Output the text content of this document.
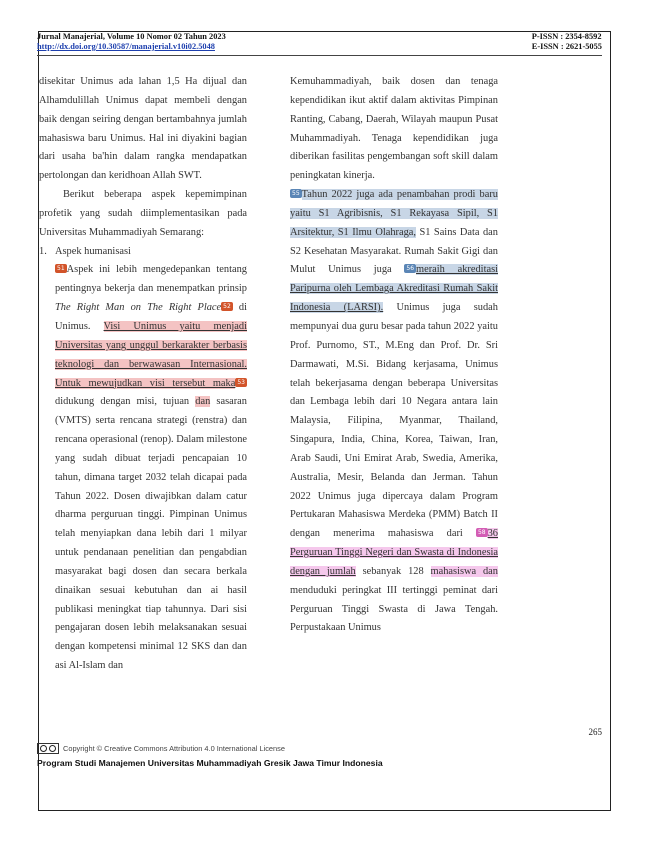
Jurnal Manajerial, Volume 10 Nomor 02 Tahun 2023
http://dx.doi.org/10.30587/manajerial.v10i02.5048
P-ISSN : 2354-8592
E-ISSN : 2621-5055

disekitar Unimus ada lahan 1,5 Ha dijual dan Alhamdulillah Unimus dapat membeli dengan baik dengan seiring dengan bertambahnya jumlah mahasiswa baru Unimus. Hal ini diyakini bagian dari usaha ba'hin dalam rangka mendapatkan pertolongan dan keridhoan Allah SWT.

Berikut beberapa aspek kepemimpinan profetik yang sudah diimplementasikan pada Universitas Muhammadiyah Semarang:

1. Aspek humanisasi

51 Aspek ini lebih mengedepankan tentang pentingnya bekerja dan menempatkan prinsip The Right Man on The Right Place 52 di Unimus. Visi Unimus yaitu menjadi Universitas yang unggul berkarakter berbasis teknologi dan berwawasan Internasional. Untuk mewujudkan visi tersebut maka 53 didukung dengan misi, tujuan dan sasaran (VMTS) serta rencana strategi (renstra) dan rencana operasional (renop). Dalam milestone yang sudah dibuat terjadi pencapaian 10 tahun, dimana target 2032 telah dicapai pada Tahun 2022. Dosen diwajibkan dalam catur dharma perguruan tinggi. Pimpinan Unimus telah menyiapkan dana lebih dari 1 milyar untuk pendanaan penelitian dan pengabdian masyarakat bagi dosen dan secara berkala dinaikan sesuai kebutuhan dan ai hasil publikasi meningkat tiap tahunnya. Dari sisi pengajaran dosen lebih melaksanakan sesuai dengan kompetensi minimal 12 SKS dan dan asi Al-Islam dan

Kemuhammadiyah, baik dosen dan tenaga kependidikan ikut aktif dalam aktivitas Pimpinan Ranting, Cabang, Daerah, Wilayah maupun Pusat Muhammadiyah. Tenaga kependidikan juga diberikan fasilitas pengembangan soft skill dalam peningkatan kinerja.

55 Tahun 2022 juga ada penambahan prodi baru yaitu S1 Agribisnis, S1 Rekayasa Sipil, S1 Arsitektur, S1 Ilmu Olahraga, S1 Sains Data dan S2 Kesehatan Masyarakat. Rumah Sakit Gigi dan Mulut Unimus juga 56 meraih akreditasi Paripurna oleh Lembaga Akreditasi Rumah Sakit Indonesia (LARSI). Unimus juga sudah mempunyai dua guru besar pada tahun 2022 yaitu Prof. Purnomo, ST., M.Eng dan Prof. Dr. Sri Darmawati, M.Si. Bidang kerjasama, Unimus telah bekerjasama dengan beberapa Universitas dan Lembaga lebih dari 10 Negara antara lain Malaysia, Filipina, Myanmar, Thailand, Singapura, India, China, Korea, Taiwan, Iran, Arab Saudi, Uni Emirat Arab, Swedia, Amerika, Australia, Mesir, Belanda dan Jerman. Tahun 2022 Unimus juga dipercaya dalam Program Pertukaran Mahasiswa Merdeka (PMM) Batch II dengan menerima mahasiswa dari 58 36 Perguruan Tinggi Negeri dan Swasta di Indonesia dengan jumlah sebanyak 128 mahasiswa dan menduduki peringkat III tertinggi peminat dari Perguruan Tinggi Swasta di Jawa Tengah. Perpustakaan Unimus

265
Copyright © Creative Commons Attribution 4.0 International License
Program Studi Manajemen Universitas Muhammadiyah Gresik Jawa Timur Indonesia
